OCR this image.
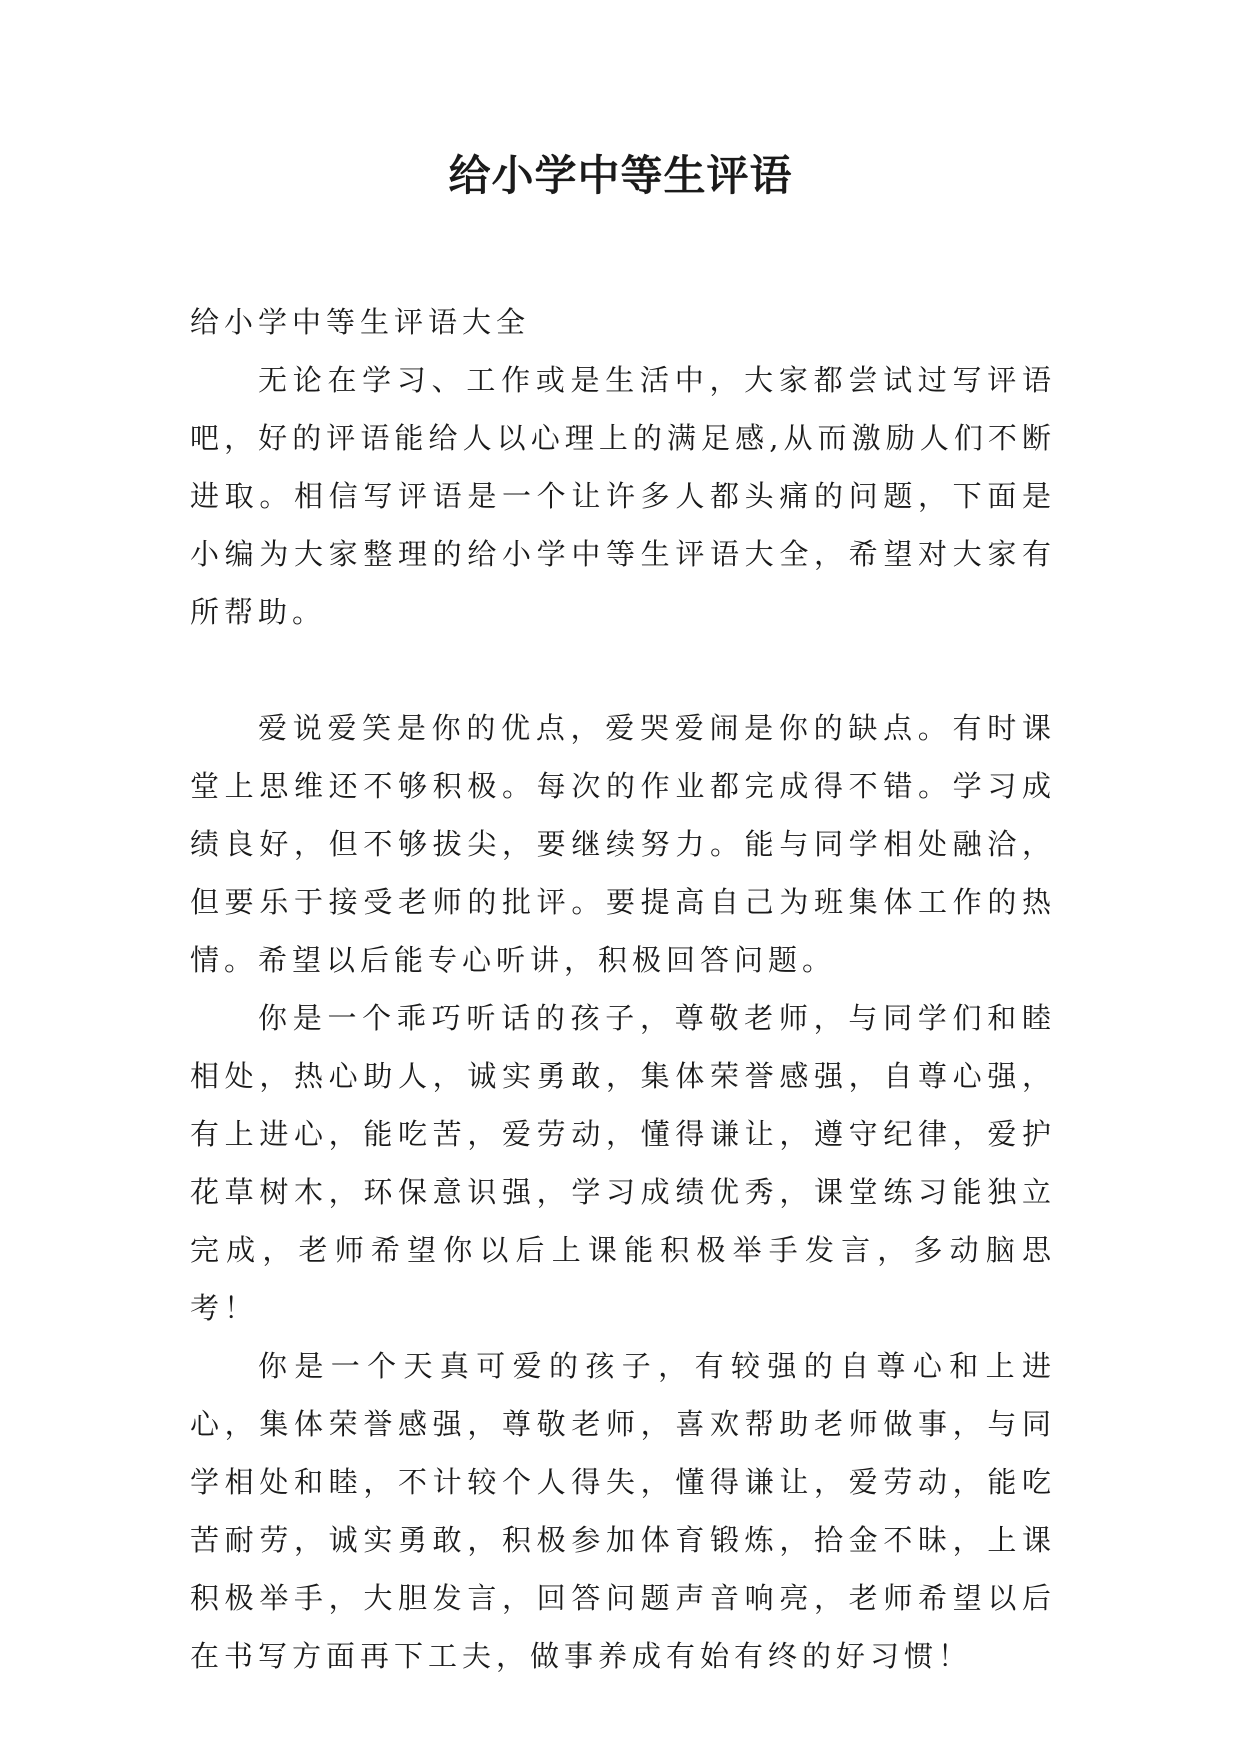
给小学中等生评语

给小学中等生评语大全

无论在学习、工作或是生活中，大家都尝试过写评语吧，好的评语能给人以心理上的满足感,从而激励人们不断进取。相信写评语是一个让许多人都头痛的问题，下面是小编为大家整理的给小学中等生评语大全，希望对大家有所帮助。

爱说爱笑是你的优点，爱哭爱闹是你的缺点。有时课堂上思维还不够积极。每次的作业都完成得不错。学习成绩良好，但不够拔尖，要继续努力。能与同学相处融洽，但要乐于接受老师的批评。要提高自己为班集体工作的热情。希望以后能专心听讲，积极回答问题。

你是一个乖巧听话的孩子，尊敬老师，与同学们和睦相处，热心助人，诚实勇敢，集体荣誉感强，自尊心强，有上进心，能吃苦，爱劳动，懂得谦让，遵守纪律，爱护花草树木，环保意识强，学习成绩优秀，课堂练习能独立完成，老师希望你以后上课能积极举手发言，多动脑思考！

你是一个天真可爱的孩子，有较强的自尊心和上进心，集体荣誉感强，尊敬老师，喜欢帮助老师做事，与同学相处和睦，不计较个人得失，懂得谦让，爱劳动，能吃苦耐劳，诚实勇敢，积极参加体育锻炼，拾金不昧，上课积极举手，大胆发言，回答问题声音响亮，老师希望以后在书写方面再下工夫，做事养成有始有终的好习惯！
